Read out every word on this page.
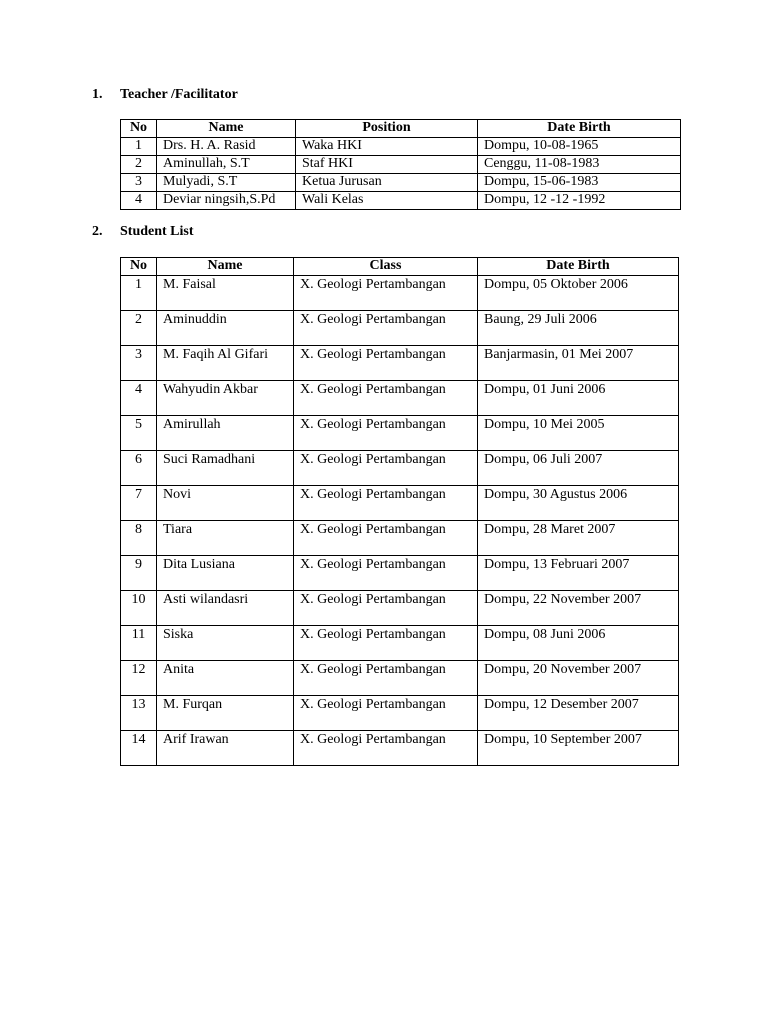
1. Teacher /Facilitator
No	Name	Position	Date Birth
1	Drs. H. A. Rasid	Waka HKI	Dompu, 10-08-1965
2	Aminullah, S.T	Staf HKI	Cenggu, 11-08-1983
3	Mulyadi, S.T	Ketua Jurusan	Dompu, 15-06-1983
4	Deviar ningsih,S.Pd	Wali Kelas	Dompu, 12 -12 -1992
2. Student List
No	Name	Class	Date Birth
1	M. Faisal	X. Geologi Pertambangan	Dompu, 05 Oktober 2006
2	Aminuddin	X. Geologi Pertambangan	Baung, 29 Juli 2006
3	M. Faqih Al Gifari	X. Geologi Pertambangan	Banjarmasin, 01 Mei 2007
4	Wahyudin Akbar	X. Geologi Pertambangan	Dompu, 01 Juni 2006
5	Amirullah	X. Geologi Pertambangan	Dompu, 10 Mei 2005
6	Suci Ramadhani	X. Geologi Pertambangan	Dompu, 06 Juli 2007
7	Novi	X. Geologi Pertambangan	Dompu, 30 Agustus 2006
8	Tiara	X. Geologi Pertambangan	Dompu, 28 Maret 2007
9	Dita Lusiana	X. Geologi Pertambangan	Dompu, 13 Februari 2007
10	Asti wilandasri	X. Geologi Pertambangan	Dompu, 22 November 2007
11	Siska	X. Geologi Pertambangan	Dompu, 08 Juni 2006
12	Anita	X. Geologi Pertambangan	Dompu, 20 November 2007
13	M. Furqan	X. Geologi Pertambangan	Dompu, 12 Desember 2007
14	Arif Irawan	X. Geologi Pertambangan	Dompu, 10 September 2007
